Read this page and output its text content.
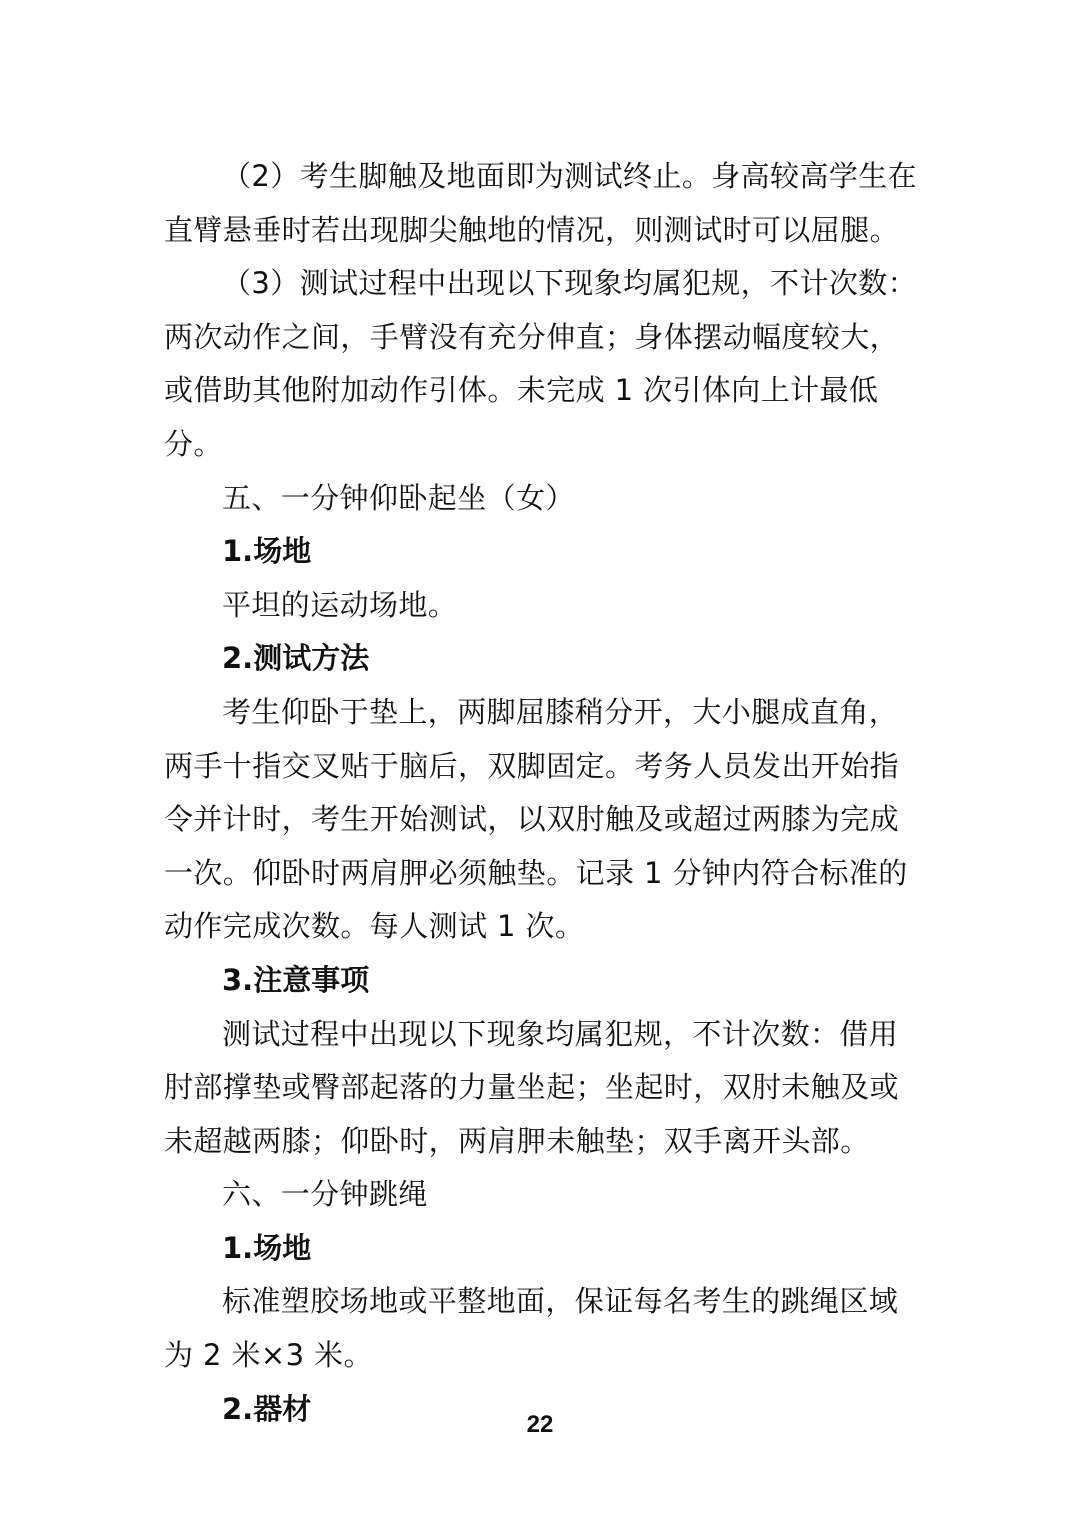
（2）考生脚触及地面即为测试终止。身高较高学生在直臂悬垂时若出现脚尖触地的情况，则测试时可以屈腿。

（3）测试过程中出现以下现象均属犯规，不计次数：两次动作之间，手臂没有充分伸直；身体摆动幅度较大，或借助其他附加动作引体。未完成 1 次引体向上计最低分。

五、一分钟仰卧起坐（女）

1.场地

平坦的运动场地。

2.测试方法

考生仰卧于垫上，两脚屈膝稍分开，大小腿成直角，两手十指交叉贴于脑后，双脚固定。考务人员发出开始指令并计时，考生开始测试，以双肘触及或超过两膝为完成一次。仰卧时两肩胛必须触垫。记录 1 分钟内符合标准的动作完成次数。每人测试 1 次。

3.注意事项

测试过程中出现以下现象均属犯规，不计次数：借用肘部撑垫或臀部起落的力量坐起；坐起时，双肘未触及或未超越两膝；仰卧时，两肩胛未触垫；双手离开头部。

六、一分钟跳绳

1.场地

标准塑胶场地或平整地面，保证每名考生的跳绳区域为 2 米×3 米。

2.器材	22
